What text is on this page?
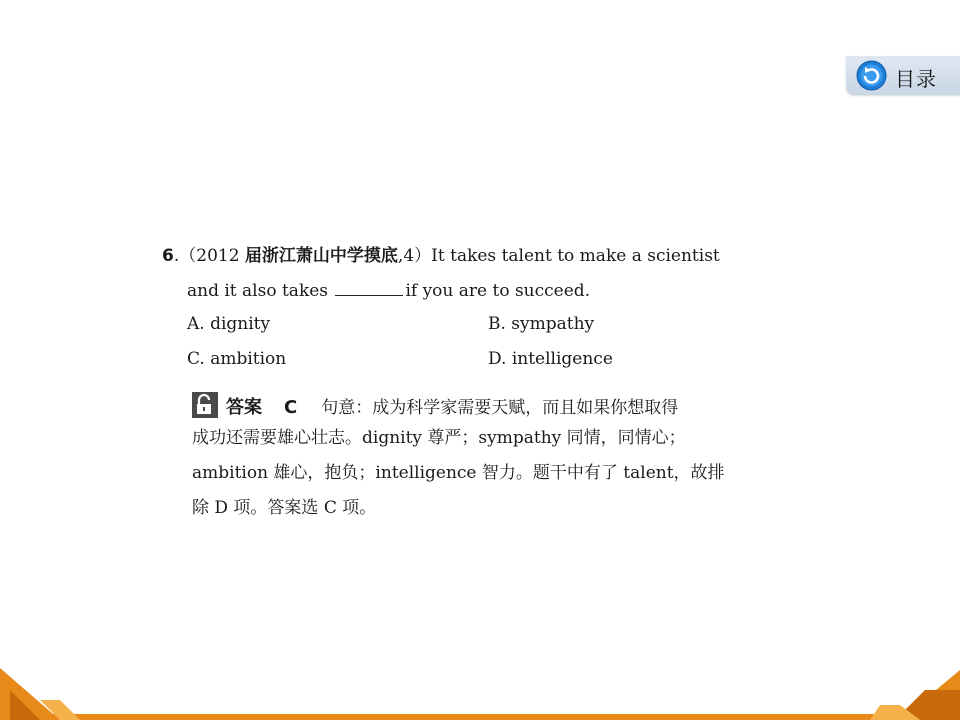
目录
6.（2012 届浙江萧山中学摸底,4）It takes talent to make a scientist
and it also takes	if you are to succeed.
A. dignity	B. sympathy
C. ambition	D. intelligence
答案 C 句意：成为科学家需要天赋，而且如果你想取得
成功还需要雄心壮志。dignity 尊严；sympathy 同情，同情心；
ambition 雄心，抱负；intelligence 智力。题干中有了 talent，故排
除 D 项。答案选 C 项。
